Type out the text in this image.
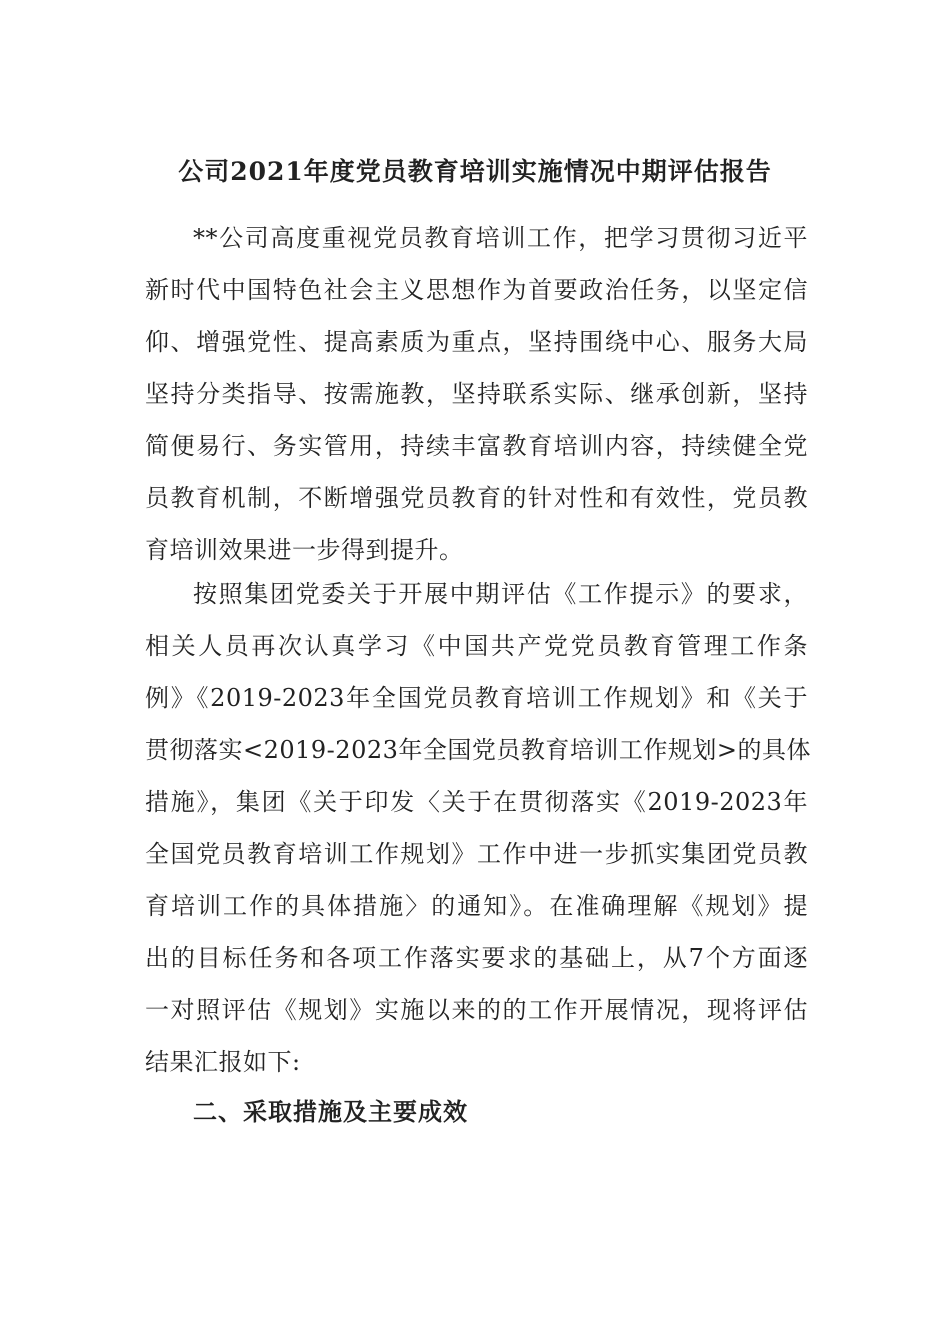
公司2021年度党员教育培训实施情况中期评估报告
**公司高度重视党员教育培训工作，把学习贯彻习近平
新时代中国特色社会主义思想作为首要政治任务，以坚定信
仰、增强党性、提高素质为重点，坚持围绕中心、服务大局
坚持分类指导、按需施教，坚持联系实际、继承创新，坚持
简便易行、务实管用，持续丰富教育培训内容，持续健全党
员教育机制，不断增强党员教育的针对性和有效性，党员教
育培训效果进一步得到提升。
按照集团党委关于开展中期评估《工作提示》的要求，
相关人员再次认真学习《中国共产党党员教育管理工作条
例》《2019-2023年全国党员教育培训工作规划》和《关于
贯彻落实<2019-2023年全国党员教育培训工作规划>的具体
措施》，集团《关于印发〈关于在贯彻落实《2019-2023年
全国党员教育培训工作规划》工作中进一步抓实集团党员教
育培训工作的具体措施〉的通知》。在准确理解《规划》提
出的目标任务和各项工作落实要求的基础上，从7个方面逐
一对照评估《规划》实施以来的的工作开展情况，现将评估
结果汇报如下:
二、采取措施及主要成效
